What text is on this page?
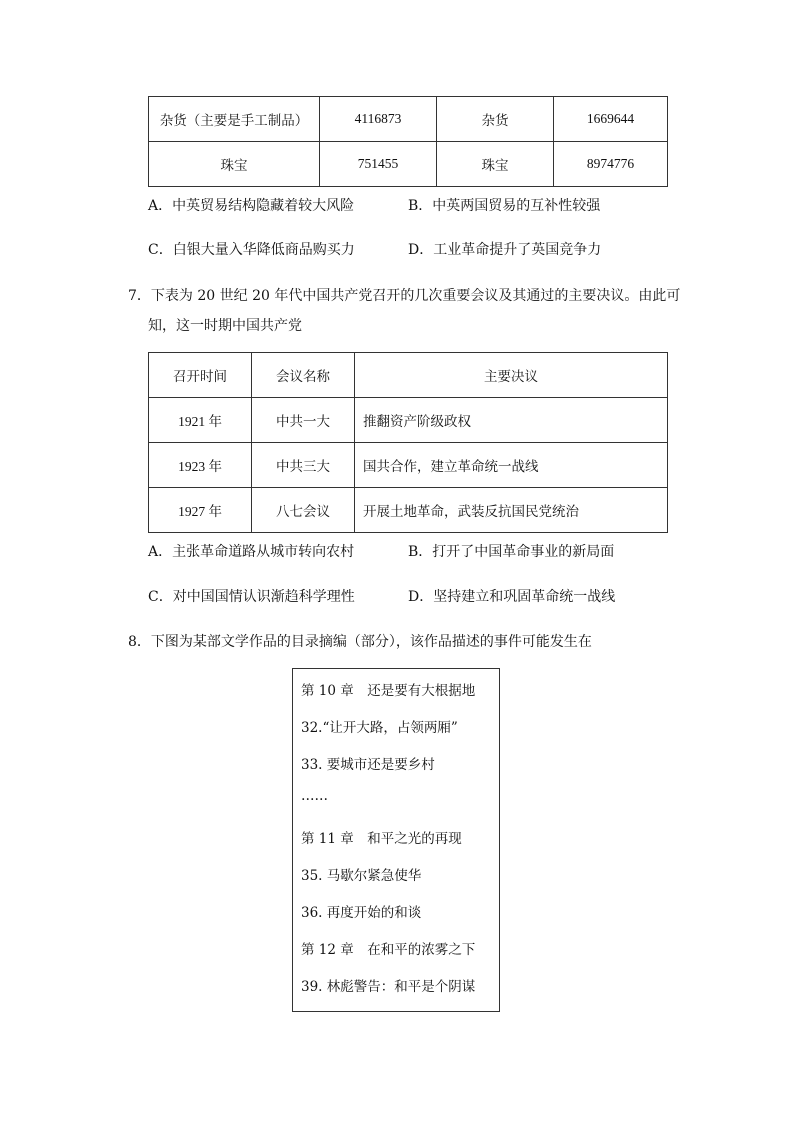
杂货（主要是手工制品）	4116873	杂货	1669644
珠宝	751455	珠宝	8974776
A．中英贸易结构隐藏着较大风险	B．中英两国贸易的互补性较强
C．白银大量入华降低商品购买力	D．工业革命提升了英国竞争力
7．下表为 20 世纪 20 年代中国共产党召开的几次重要会议及其通过的主要决议。由此可
知，这一时期中国共产党
召开时间	会议名称	主要决议
1921 年	中共一大	推翻资产阶级政权
1923 年	中共三大	国共合作，建立革命统一战线
1927 年	八七会议	开展土地革命，武装反抗国民党统治
A．主张革命道路从城市转向农村	B．打开了中国革命事业的新局面
C．对中国国情认识渐趋科学理性	D．坚持建立和巩固革命统一战线
8．下图为某部文学作品的目录摘编（部分），该作品描述的事件可能发生在
第 10 章　还是要有大根据地
32.“让开大路，占领两厢”
33. 要城市还是要乡村
……
第 11 章　和平之光的再现
35. 马歇尔紧急使华
36. 再度开始的和谈
第 12 章　在和平的浓雾之下
39. 林彪警告：和平是个阴谋
